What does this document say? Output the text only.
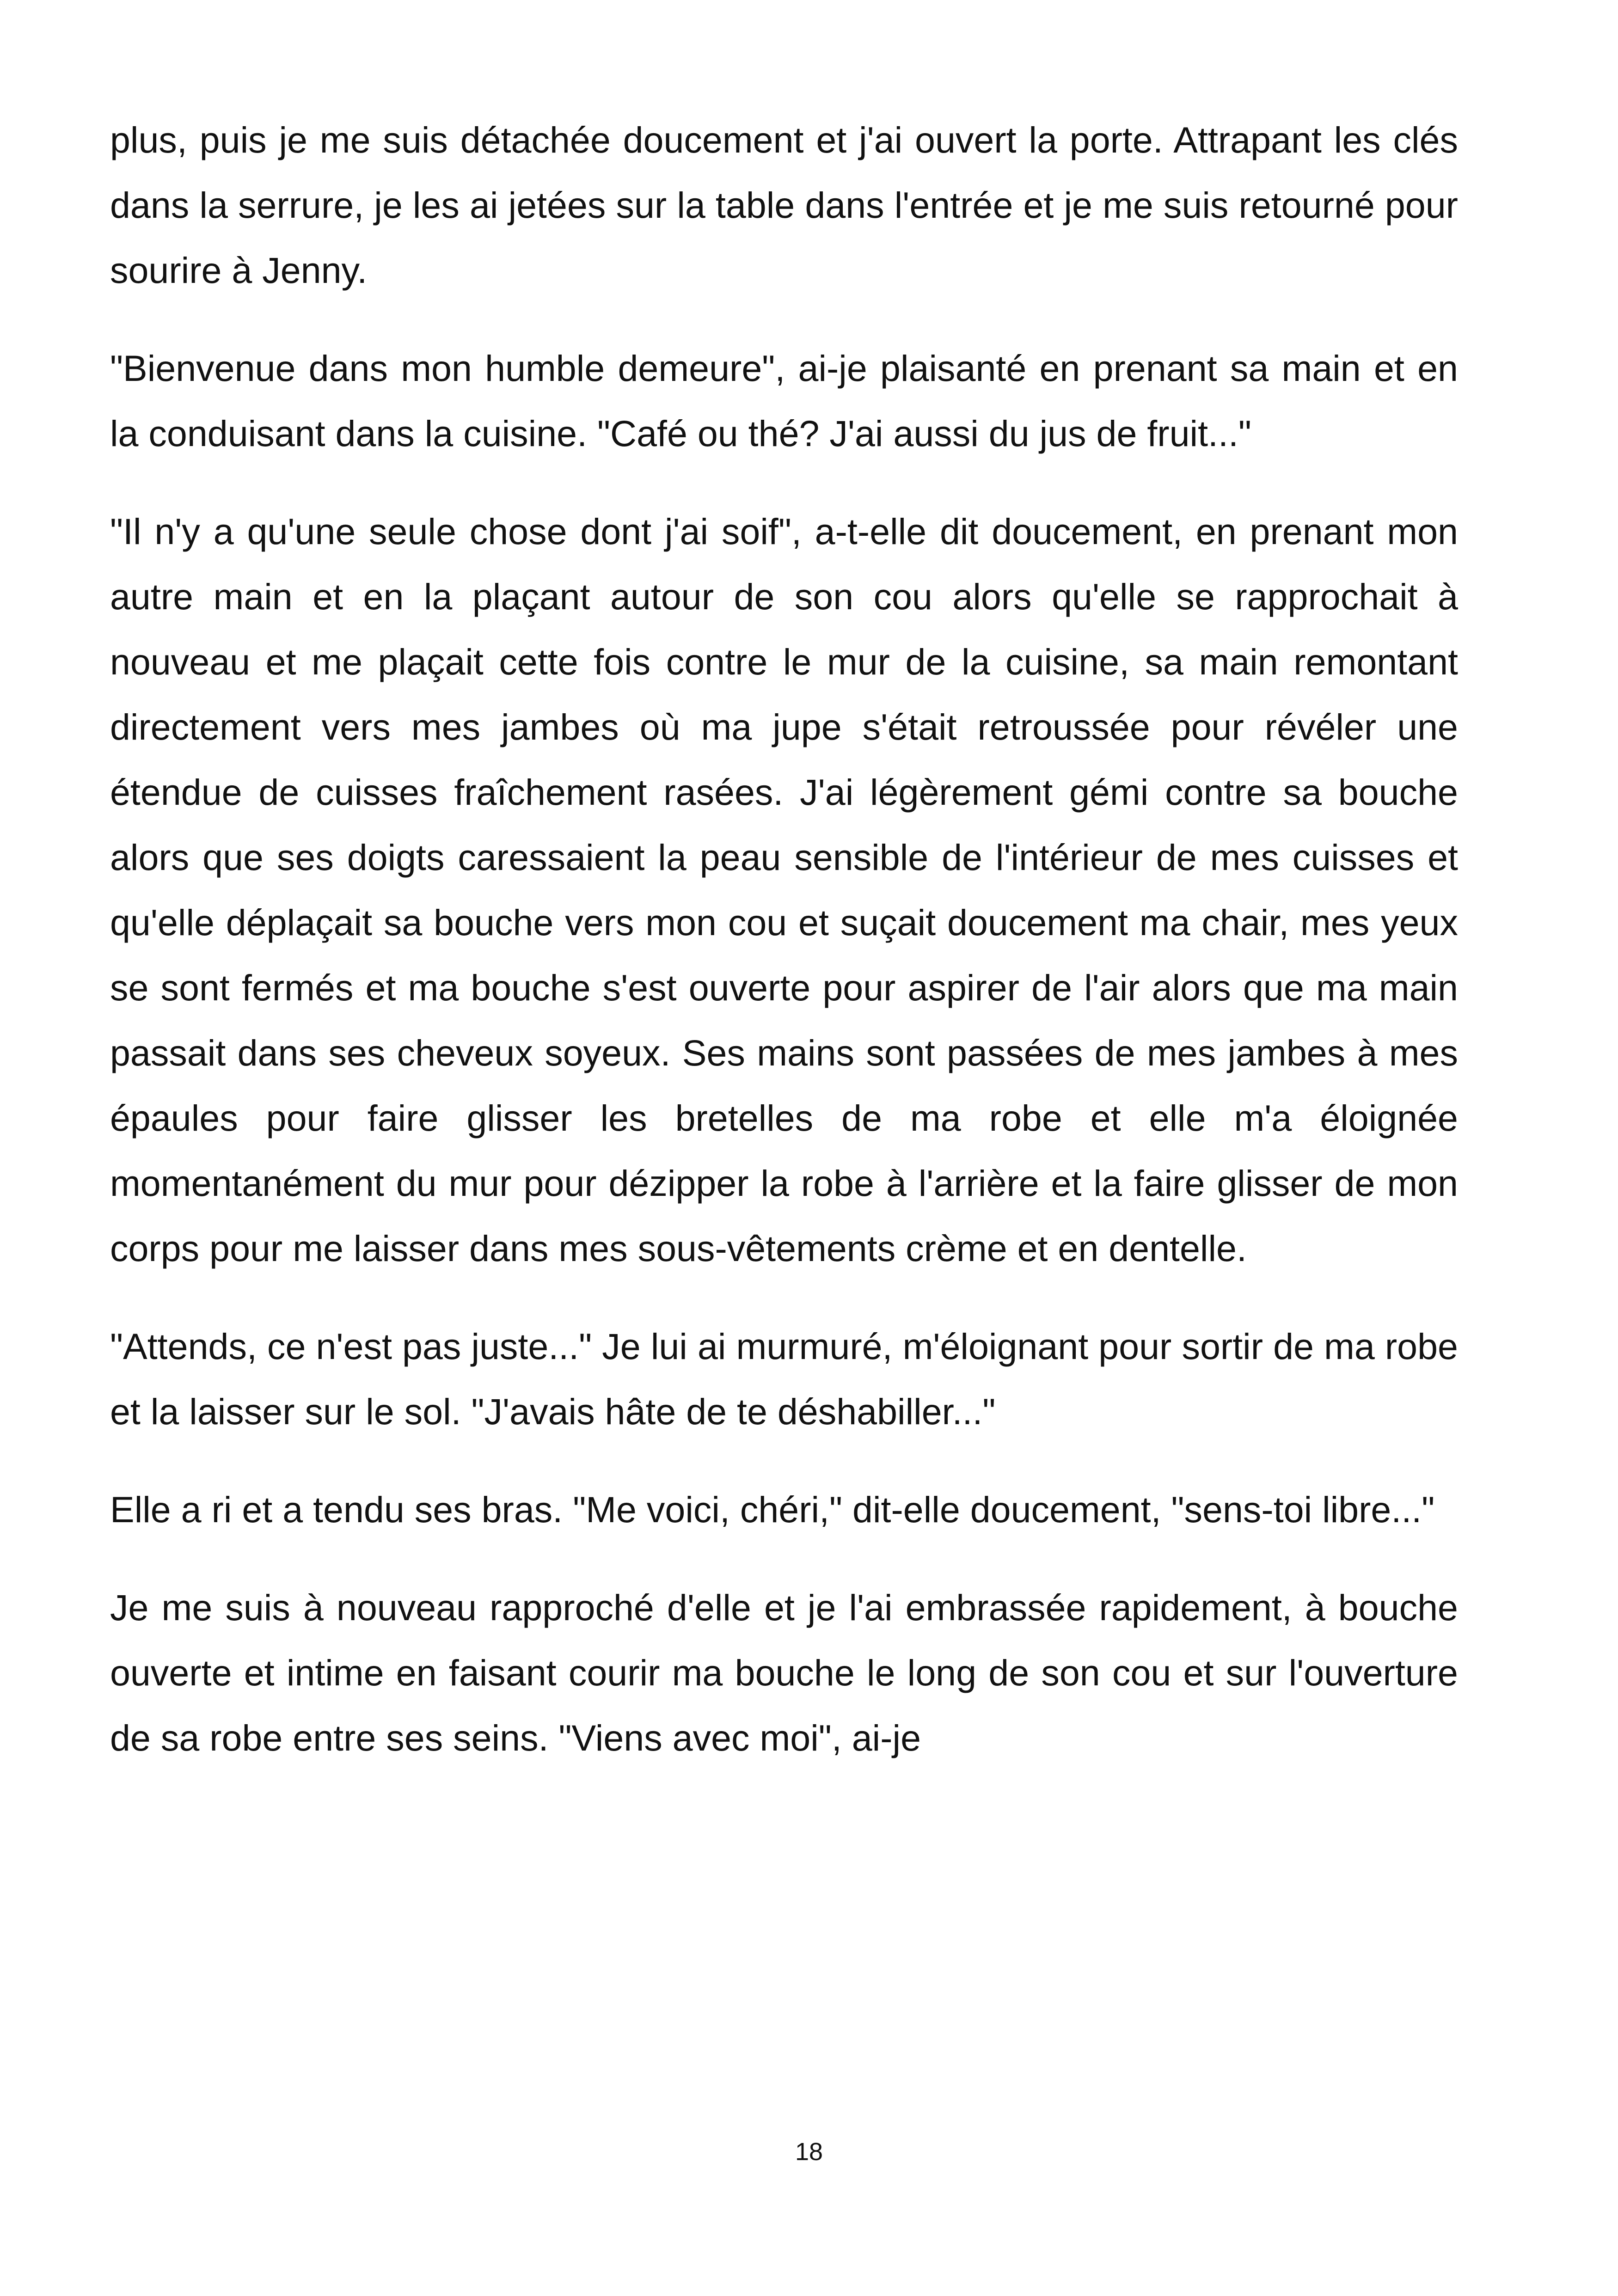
plus, puis je me suis détachée doucement et j'ai ouvert la porte. Attrapant les clés dans la serrure, je les ai jetées sur la table dans l'entrée et je me suis retourné pour sourire à Jenny.

"Bienvenue dans mon humble demeure", ai-je plaisanté en prenant sa main et en la conduisant dans la cuisine. "Café ou thé? J'ai aussi du jus de fruit..."

"Il n'y a qu'une seule chose dont j'ai soif", a-t-elle dit doucement, en prenant mon autre main et en la plaçant autour de son cou alors qu'elle se rapprochait à nouveau et me plaçait cette fois contre le mur de la cuisine, sa main remontant directement vers mes jambes où ma jupe s'était retroussée pour révéler une étendue de cuisses fraîchement rasées. J'ai légèrement gémi contre sa bouche alors que ses doigts caressaient la peau sensible de l'intérieur de mes cuisses et qu'elle déplaçait sa bouche vers mon cou et suçait doucement ma chair, mes yeux se sont fermés et ma bouche s'est ouverte pour aspirer de l'air alors que ma main passait dans ses cheveux soyeux. Ses mains sont passées de mes jambes à mes épaules pour faire glisser les bretelles de ma robe et elle m'a éloignée momentanément du mur pour dézipper la robe à l'arrière et la faire glisser de mon corps pour me laisser dans mes sous-vêtements crème et en dentelle.

"Attends, ce n'est pas juste..." Je lui ai murmuré, m'éloignant pour sortir de ma robe et la laisser sur le sol. "J'avais hâte de te déshabiller..."

Elle a ri et a tendu ses bras. "Me voici, chéri," dit-elle doucement, "sens-toi libre..."

Je me suis à nouveau rapproché d'elle et je l'ai embrassée rapidement, à bouche ouverte et intime en faisant courir ma bouche le long de son cou et sur l'ouverture de sa robe entre ses seins. "Viens avec moi", ai-je

18
